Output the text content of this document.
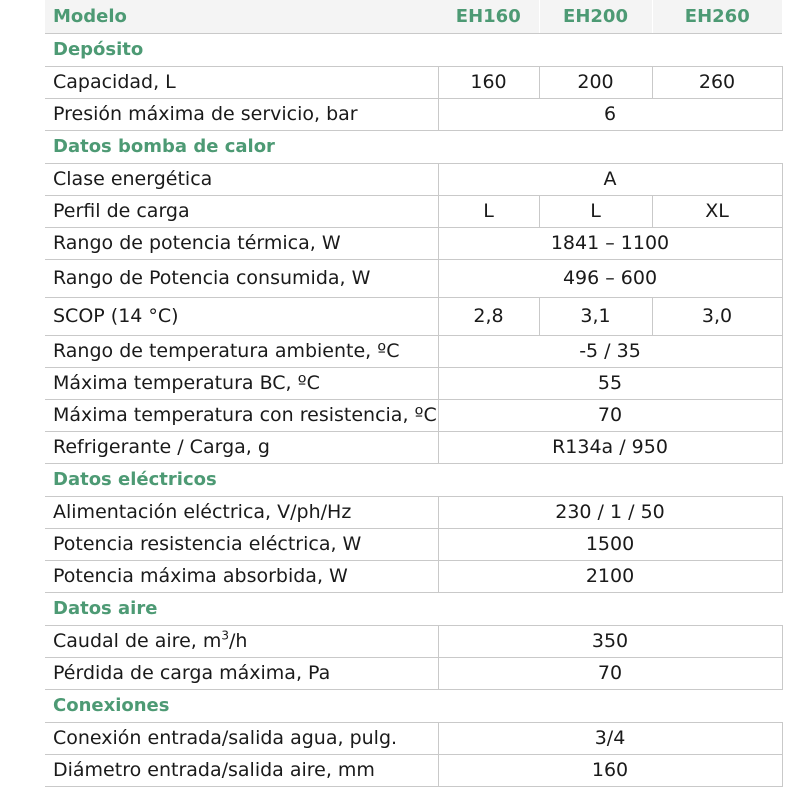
Modelo	EH160	EH200	EH260
Depósito			
Capacidad, L	160	200	260
Presión máxima de servicio, bar	6		
Datos bomba de calor			
Clase energética	A		
Perfil de carga	L	L	XL
Rango de potencia térmica, W	1841 – 1100		
Rango de Potencia consumida, W	496 – 600		
SCOP (14 °C)	2,8	3,1	3,0
Rango de temperatura ambiente, ºC	-5 / 35		
Máxima temperatura BC, ºC	55		
Máxima temperatura con resistencia, ºC	70		
Refrigerante / Carga, g	R134a / 950		
Datos eléctricos			
Alimentación eléctrica, V/ph/Hz	230 / 1 / 50		
Potencia resistencia eléctrica, W	1500		
Potencia máxima absorbida, W	2100		
Datos aire			
Caudal de aire, $m^3/h$	350		
Pérdida de carga máxima, Pa	70		
Conexiones			
Conexión entrada/salida agua, pulg.	3/4		
Diámetro entrada/salida aire, mm	160		
